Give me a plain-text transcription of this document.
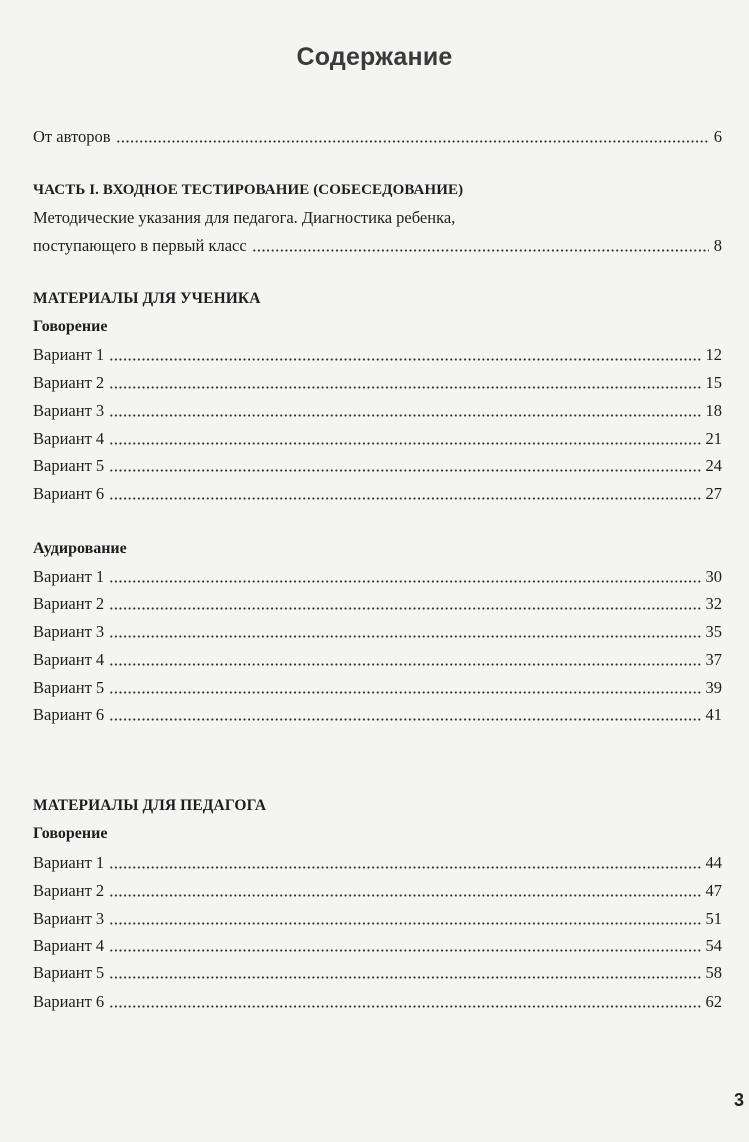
Содержание
От авторов	6
ЧАСТЬ I. ВХОДНОЕ ТЕСТИРОВАНИЕ (СОБЕСЕДОВАНИЕ)
Методические указания для педагога. Диагностика ребенка,
поступающего в первый класс	8
МАТЕРИАЛЫ ДЛЯ УЧЕНИКА
Говорение
Вариант 1	12
Вариант 2	15
Вариант 3	18
Вариант 4	21
Вариант 5	24
Вариант 6	27
Аудирование
Вариант 1	30
Вариант 2	32
Вариант 3	35
Вариант 4	37
Вариант 5	39
Вариант 6	41
МАТЕРИАЛЫ ДЛЯ ПЕДАГОГА
Говорение
Вариант 1	44
Вариант 2	47
Вариант 3	51
Вариант 4	54
Вариант 5	58
Вариант 6	62
3
